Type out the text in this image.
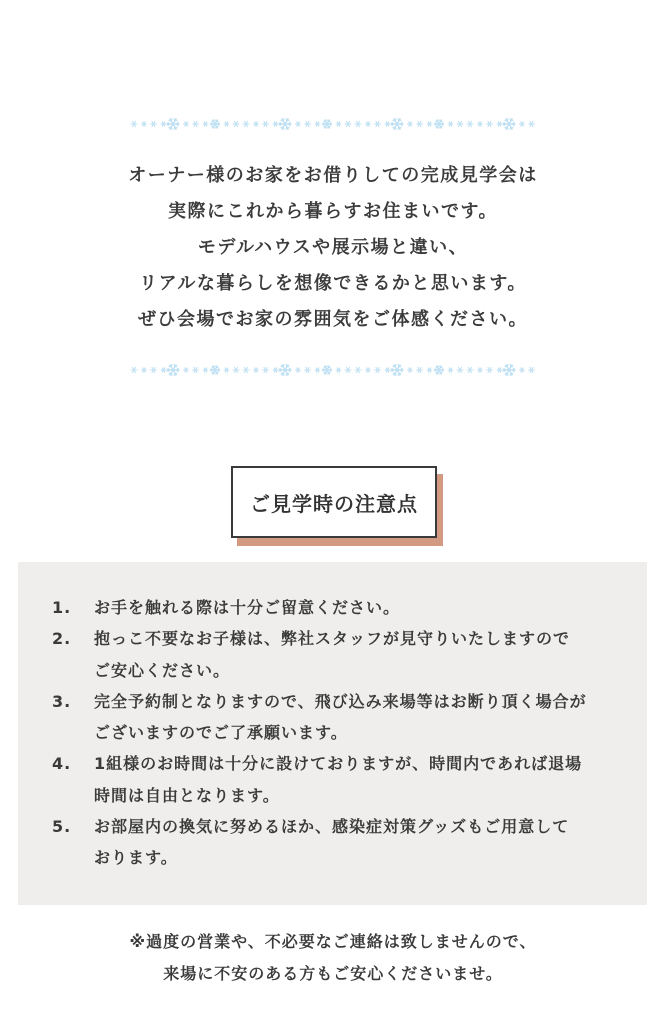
オーナー様のお家をお借りしての完成見学会は

実際にこれから暮らすお住まいです。

モデルハウスや展示場と違い、

リアルな暮らしを想像できるかと思います。

ぜひ会場でお家の雰囲気をご体感ください。

ご見学時の注意点
1.	お手を触れる際は十分ご留意ください。
2.	抱っこ不要なお子様は、弊社スタッフが見守りいたしますので
ご安心ください。
3.	完全予約制となりますので、飛び込み来場等はお断り頂く場合が
ございますのでご了承願います。
4.	1組様のお時間は十分に設けておりますが、時間内であれば退場
時間は自由となります。
5.	お部屋内の換気に努めるほか、感染症対策グッズもご用意して
おります。

※過度の営業や、不必要なご連絡は致しませんので、

来場に不安のある方もご安心くださいませ。
